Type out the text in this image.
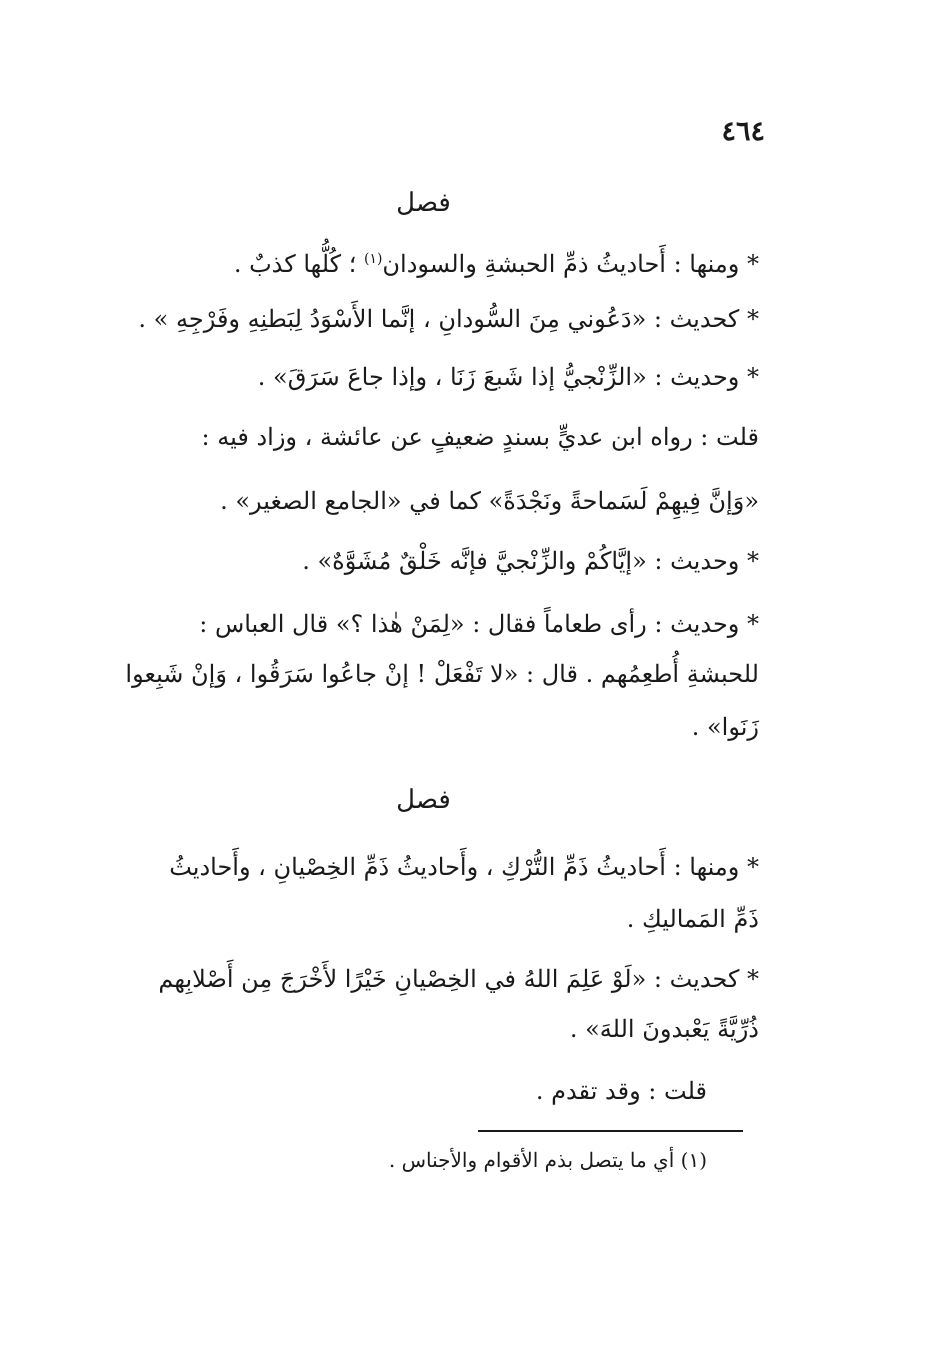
٤٦٤
فصل
* ومنها : أَحاديثُ ذمِّ الحبشةِ والسودان$^{(١)}$ ؛ كُلُّها كذبٌ .
* كحديث : «دَعُوني مِنَ السُّودانِ ، إنَّما الأَسْوَدُ لِبَطنِهِ وفَرْجِهِ » .
* وحديث : «الزِّنْجيُّ إذا شَبعَ زَنَا ، وإذا جاعَ سَرَقَ» .
قلت : رواه ابن عديٍّ بسندٍ ضعيفٍ عن عائشة ، وزاد فيه :
«وَإنَّ فِيهِمْ لَسَماحةً ونَجْدَةً» كما في «الجامع الصغير» .
* وحديث : «إيَّاكُمْ والزِّنْجيَّ فإنَّه خَلْقٌ مُشَوَّهٌ» .
* وحديث : رأى طعاماً فقال : «لِمَنْ هٰذا ؟» قال العباس :
للحبشةِ أُطعِمُهم . قال : «لا تَفْعَلْ ! إنْ جاعُوا سَرَقُوا ، وَإنْ شَبِعوا
زَنَوا» .
فصل
* ومنها : أَحاديثُ ذَمِّ التُّرْكِ ، وأَحاديثُ ذَمِّ الخِصْيانِ ، وأَحاديثُ
ذَمِّ المَماليكِ .
* كحديث : «لَوْ عَلِمَ اللهُ في الخِصْيانِ خَيْرًا لأَخْرَجَ مِن أَصْلابِهم
ذُرِّيَّةً يَعْبدونَ اللهَ» .
قلت : وقد تقدم .
(١) أي ما يتصل بذم الأقوام والأجناس .
